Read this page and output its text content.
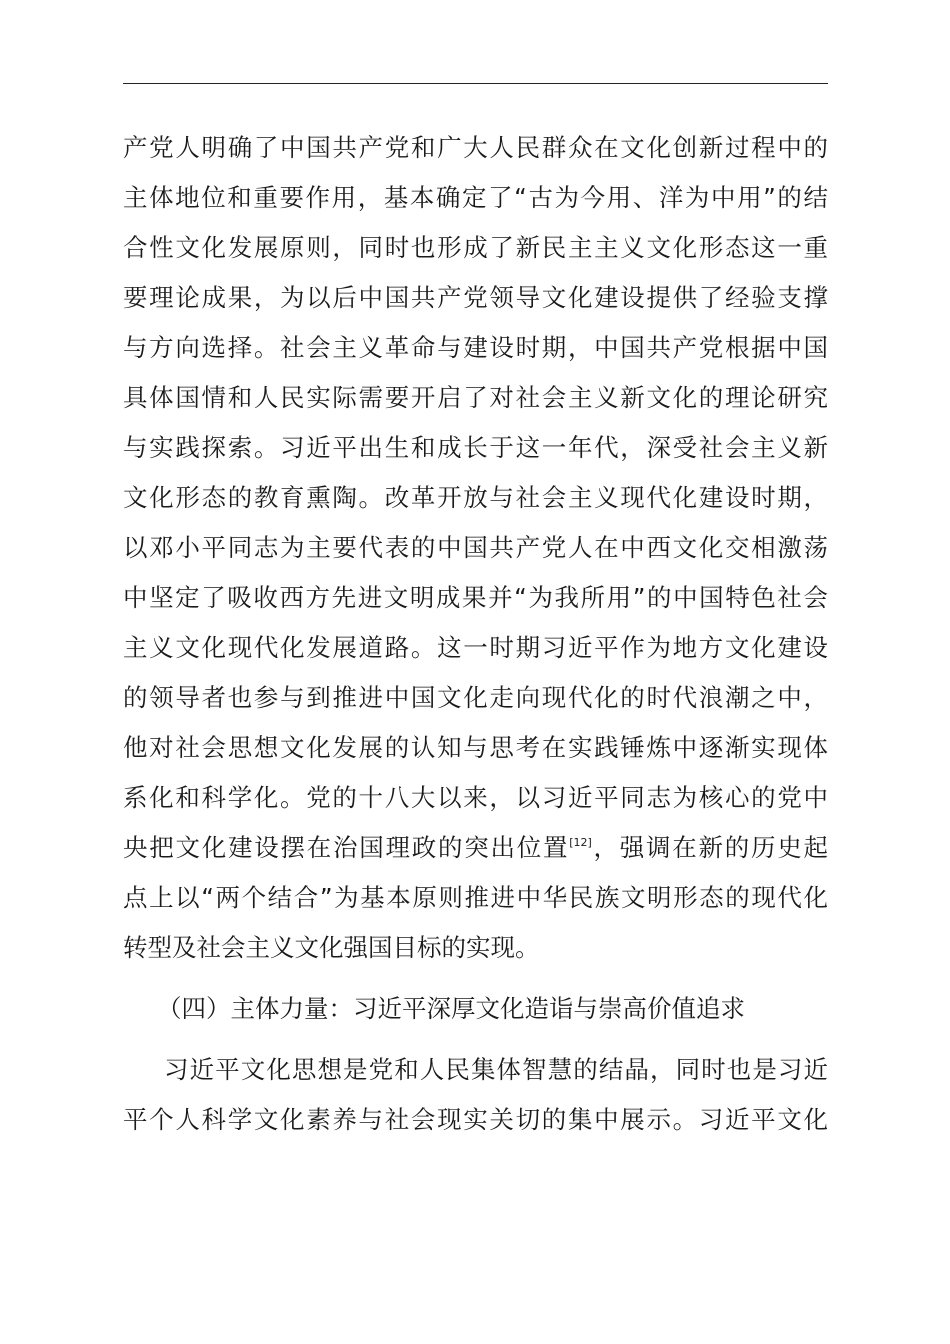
产党人明确了中国共产党和广大人民群众在文化创新过程中的
主体地位和重要作用，基本确定了“古为今用、洋为中用”的结
合性文化发展原则，同时也形成了新民主主义文化形态这一重
要理论成果，为以后中国共产党领导文化建设提供了经验支撑
与方向选择。社会主义革命与建设时期，中国共产党根据中国
具体国情和人民实际需要开启了对社会主义新文化的理论研究
与实践探索。习近平出生和成长于这一年代，深受社会主义新
文化形态的教育熏陶。改革开放与社会主义现代化建设时期，
以邓小平同志为主要代表的中国共产党人在中西文化交相激荡
中坚定了吸收西方先进文明成果并“为我所用”的中国特色社会
主义文化现代化发展道路。这一时期习近平作为地方文化建设
的领导者也参与到推进中国文化走向现代化的时代浪潮之中，
他对社会思想文化发展的认知与思考在实践锤炼中逐渐实现体
系化和科学化。党的十八大以来，以习近平同志为核心的党中
央把文化建设摆在治国理政的突出位置[12]，强调在新的历史起
点上以“两个结合”为基本原则推进中华民族文明形态的现代化
转型及社会主义文化强国目标的实现。
（四）主体力量：习近平深厚文化造诣与崇高价值追求
习近平文化思想是党和人民集体智慧的结晶，同时也是习近
平个人科学文化素养与社会现实关切的集中展示。习近平文化
